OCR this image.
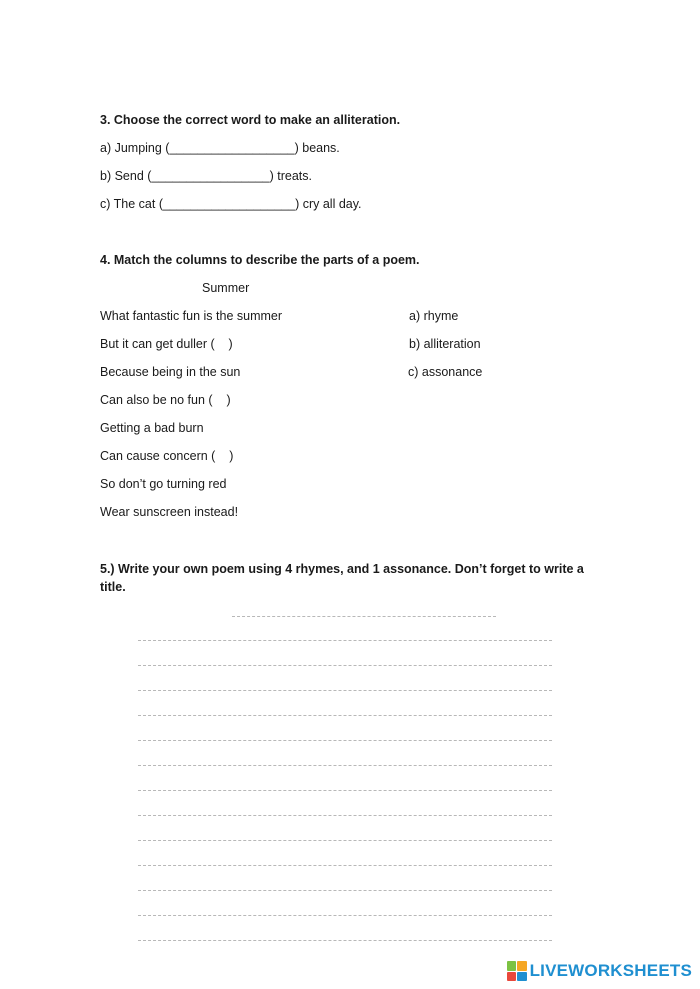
3. Choose the correct word to make an alliteration.
a) Jumping (__________________) beans.
b) Send (_________________) treats.
c) The cat (___________________) cry all day.
4. Match the columns to describe the parts of a poem.
Summer
What fantastic fun is the summer
But it can get duller (    )
Because being in the sun
Can also be no fun (    )
Getting a bad burn
Can cause concern (    )
So don’t go turning red
Wear sunscreen instead!
a) rhyme
b) alliteration
c) assonance
5.) Write your own poem using 4 rhymes, and 1 assonance. Don’t forget to write a title.
LIVEWORKSHEETS
